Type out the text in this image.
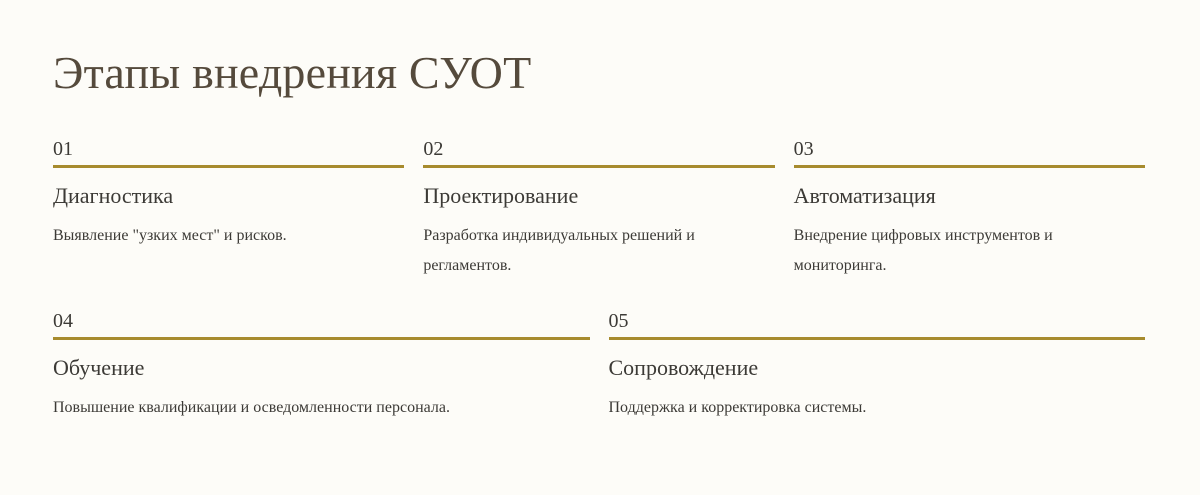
Этапы внедрения СУОТ
01
Диагностика
Выявление "узких мест" и рисков.
02
Проектирование
Разработка индивидуальных решений и регламентов.
03
Автоматизация
Внедрение цифровых инструментов и мониторинга.
04
Обучение
Повышение квалификации и осведомленности персонала.
05
Сопровождение
Поддержка и корректировка системы.
